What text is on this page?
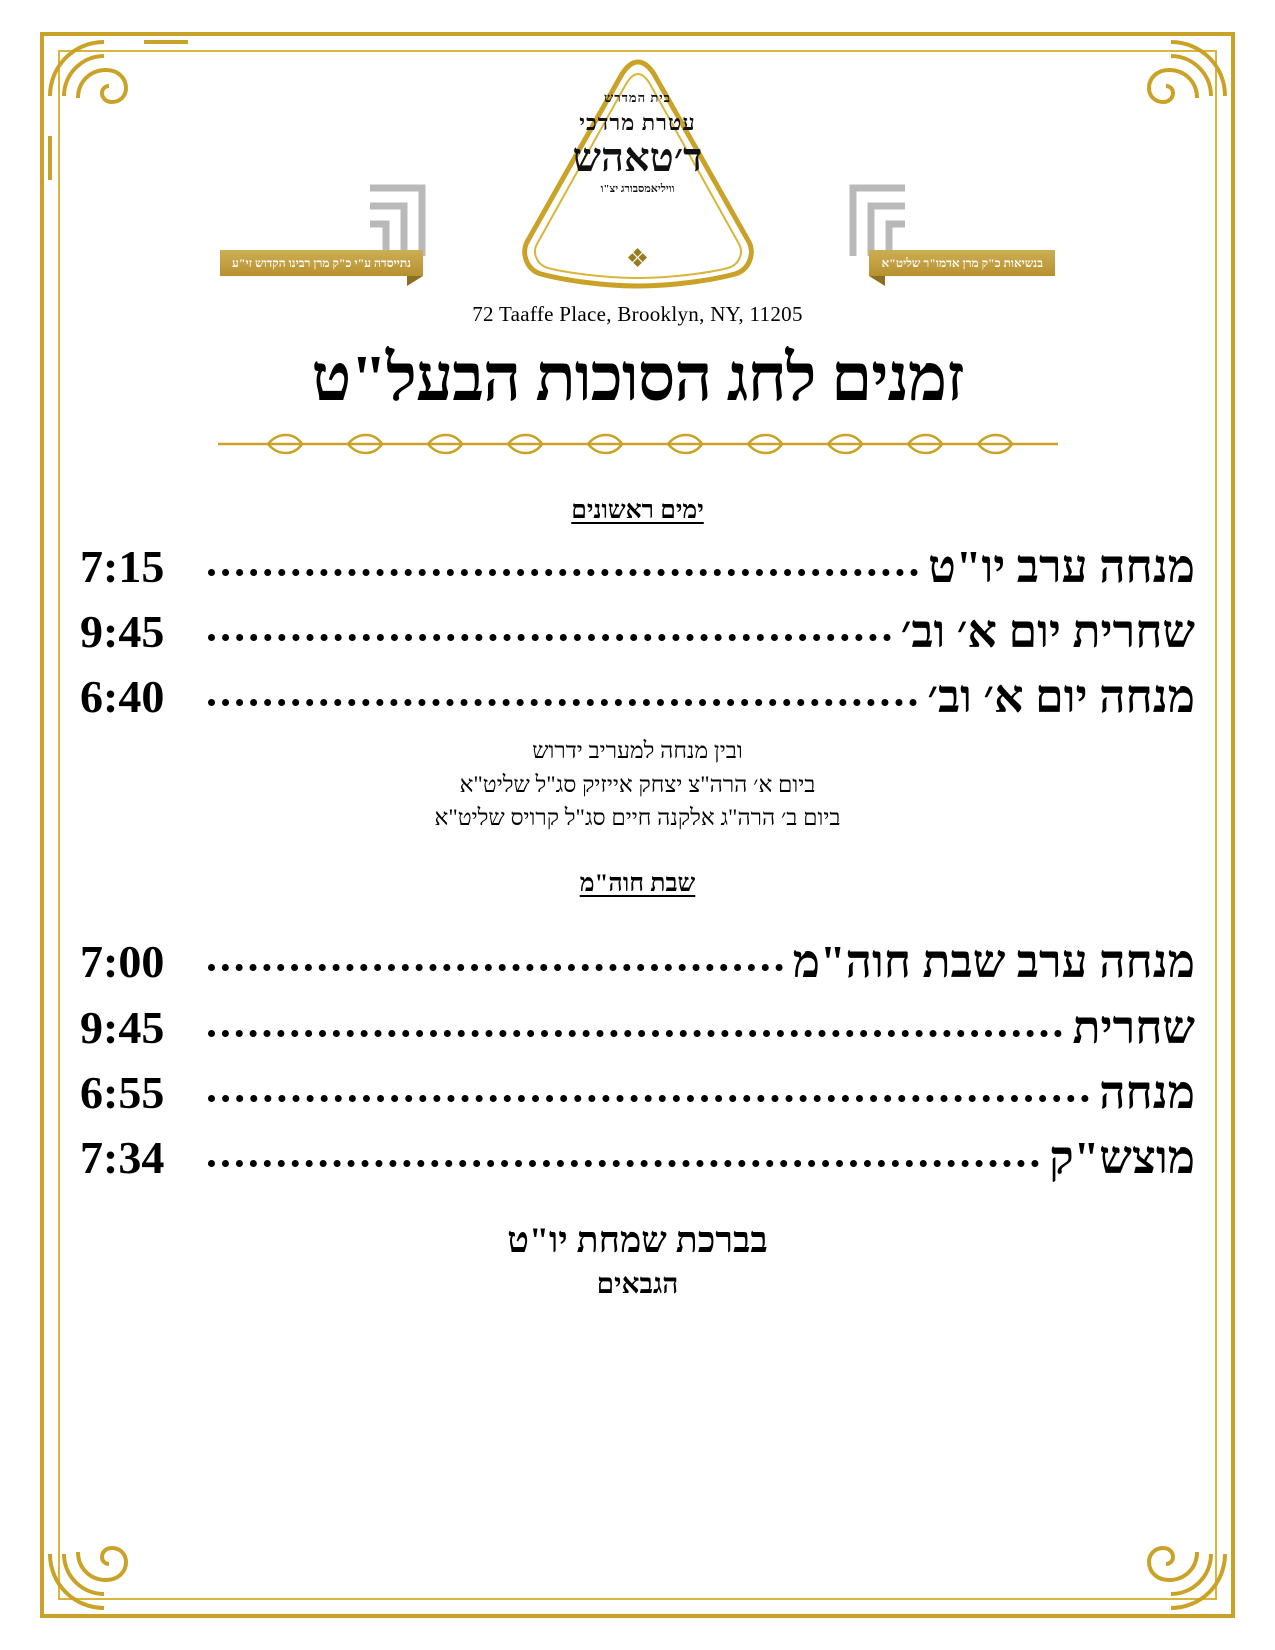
בית המדרש
עטרת מרדכי
ד׳טאהש
וויליאמסבורג יצ"ו
❖	בנשיאות כ"ק מרן אדמו"ר שליט"א
נתייסדה ע"י כ"ק מרן רבינו הקדוש זי"ע
72 Taaffe Place, Brooklyn, NY, 11205
זמנים לחג הסוכות הבעל"ט
ימים ראשונים
מנחה ערב יו"ט
7:15
שחרית יום א׳ וב׳
9:45
מנחה יום א׳ וב׳
6:40
ובין מנחה למעריב ידרוש
ביום א׳ הרה"צ יצחק אייזיק סג"ל שליט"א
ביום ב׳ הרה"ג אלקנה חיים סג"ל קרויס שליט"א
שבת חוה"מ
מנחה ערב שבת חוה"מ
7:00
שחרית
9:45
מנחה
6:55
מוצש"ק
7:34
בברכת שמחת יו"ט
הגבאים
